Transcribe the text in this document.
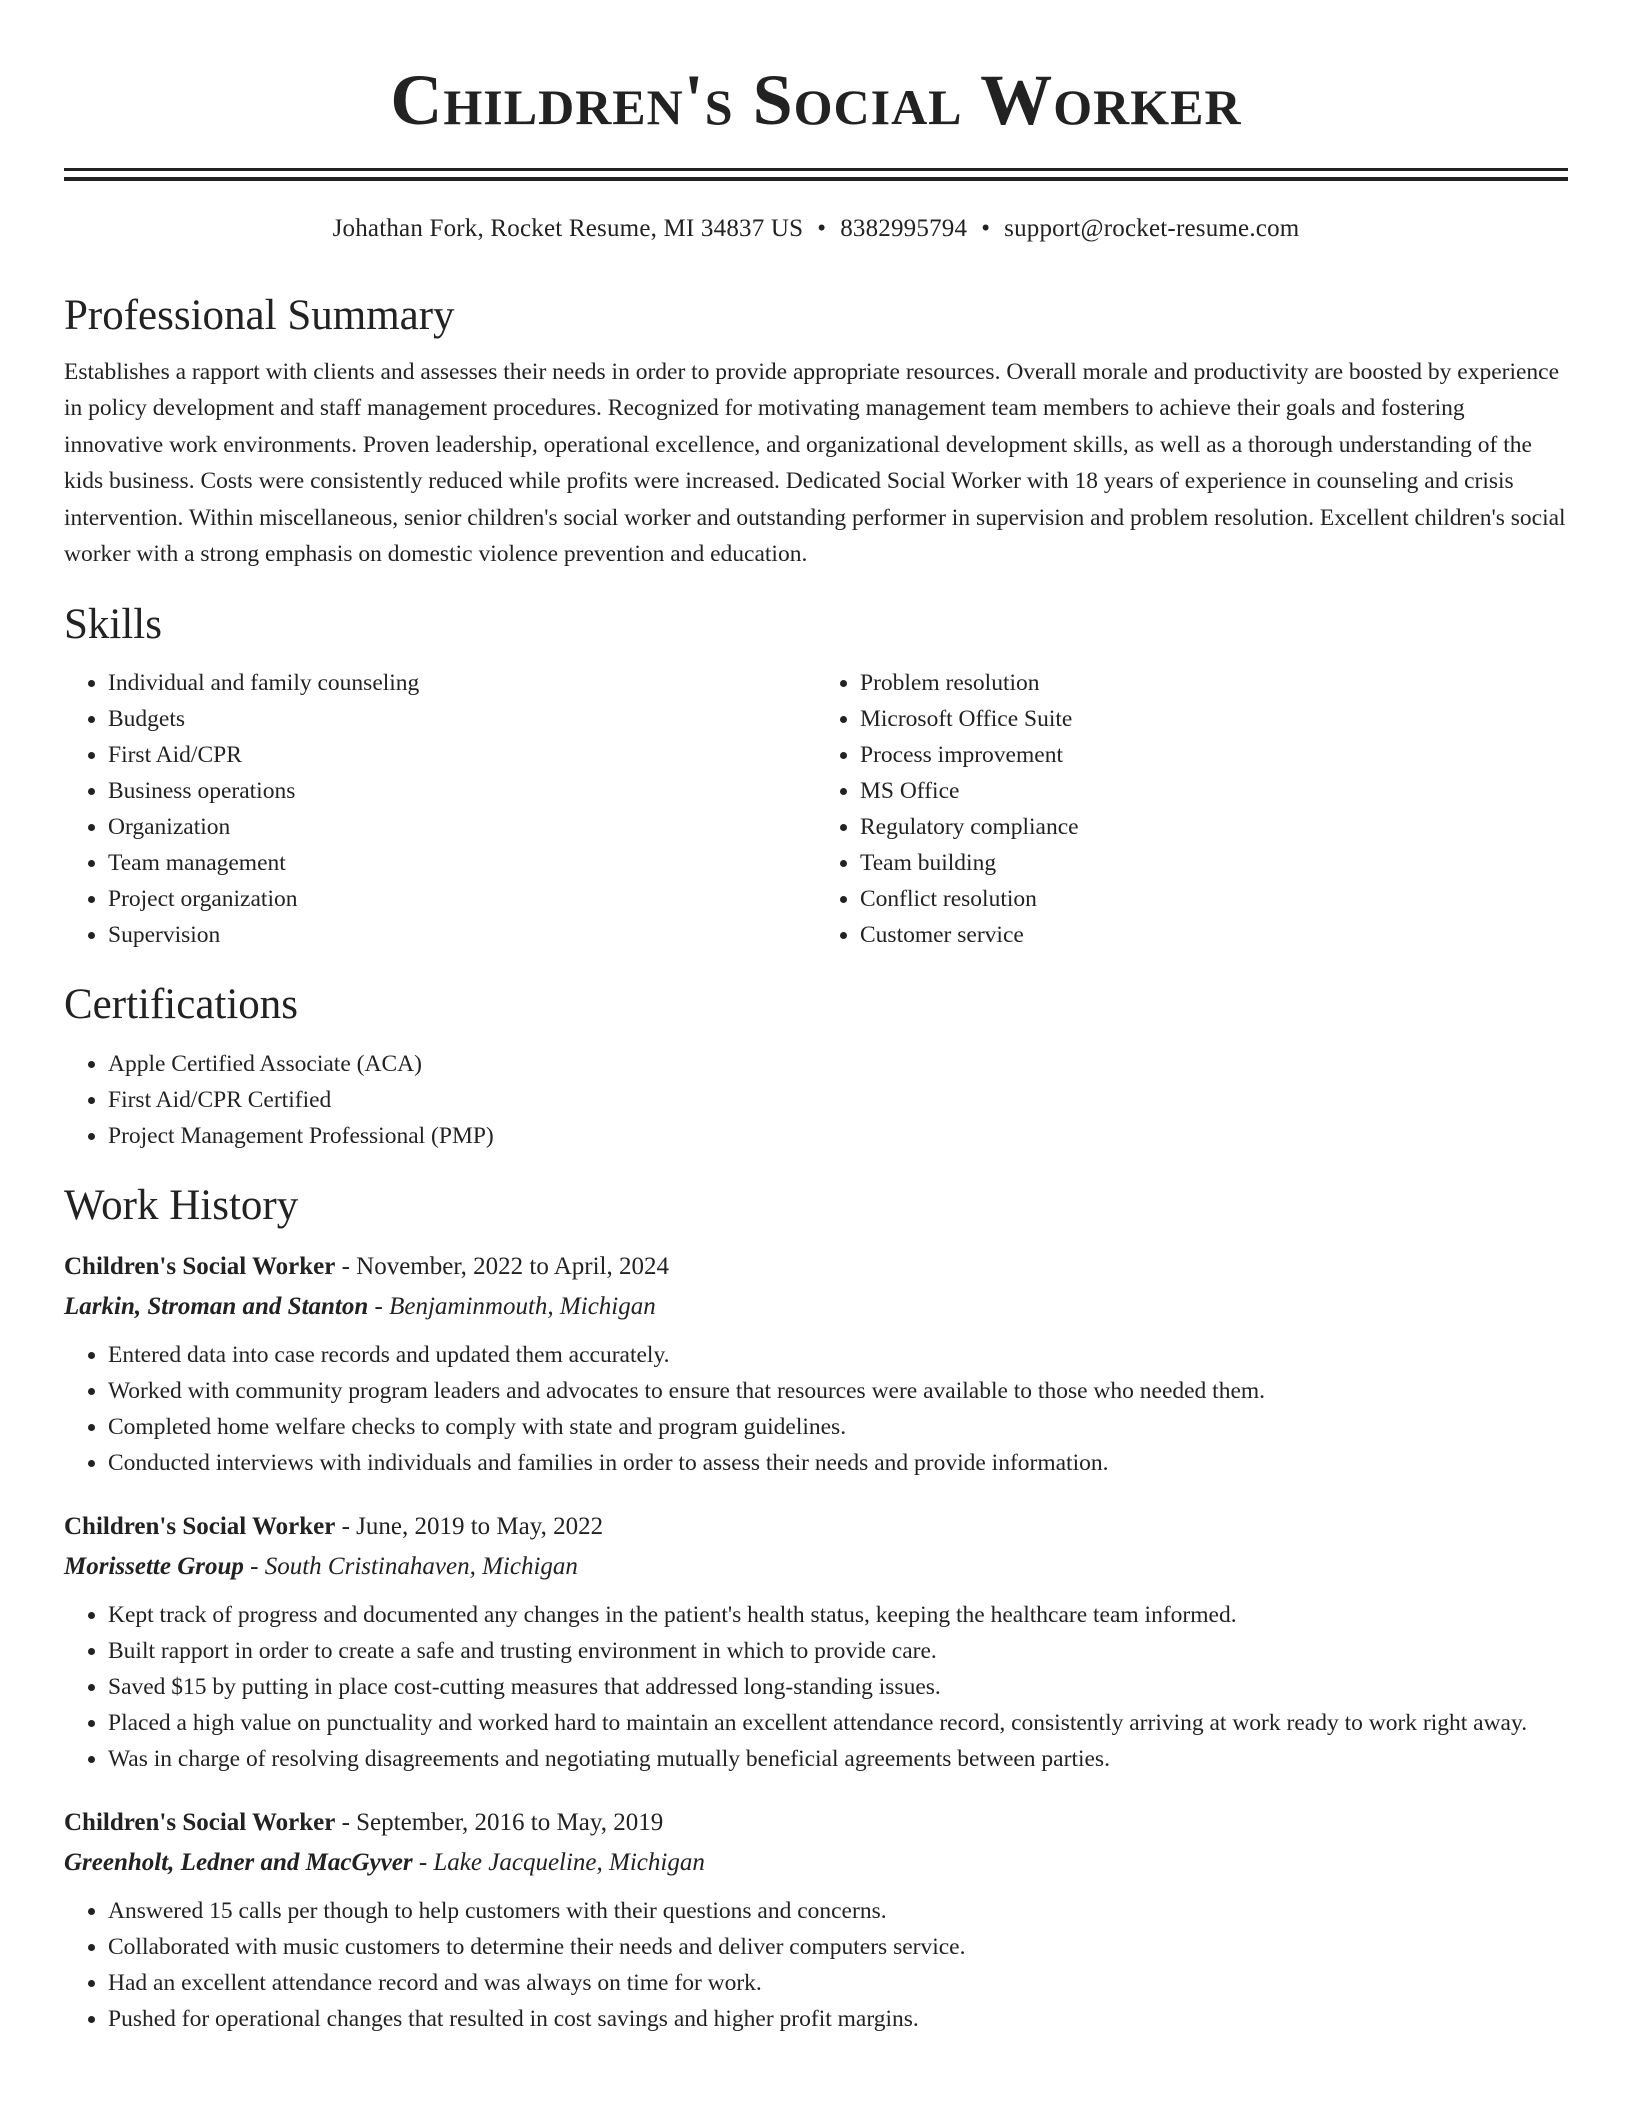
Children's Social Worker
Johathan Fork, Rocket Resume, MI 34837 US • 8382995794 • support@rocket-resume.com
Professional Summary

Establishes a rapport with clients and assesses their needs in order to provide appropriate resources. Overall morale and productivity are boosted by experience in policy development and staff management procedures. Recognized for motivating management team members to achieve their goals and fostering innovative work environments. Proven leadership, operational excellence, and organizational development skills, as well as a thorough understanding of the kids business. Costs were consistently reduced while profits were increased. Dedicated Social Worker with 18 years of experience in counseling and crisis intervention. Within miscellaneous, senior children's social worker and outstanding performer in supervision and problem resolution. Excellent children's social worker with a strong emphasis on domestic violence prevention and education.

Skills
• Individual and family counseling
• Budgets
• First Aid/CPR
• Business operations
• Organization
• Team management
• Project organization
• Supervision
• Problem resolution
• Microsoft Office Suite
• Process improvement
• MS Office
• Regulatory compliance
• Team building
• Conflict resolution
• Customer service
Certifications
• Apple Certified Associate (ACA)
• First Aid/CPR Certified
• Project Management Professional (PMP)
Work History
Children's Social Worker - November, 2022 to April, 2024
Larkin, Stroman and Stanton - Benjaminmouth, Michigan
• Entered data into case records and updated them accurately.
• Worked with community program leaders and advocates to ensure that resources were available to those who needed them.
• Completed home welfare checks to comply with state and program guidelines.
• Conducted interviews with individuals and families in order to assess their needs and provide information.
Children's Social Worker - June, 2019 to May, 2022
Morissette Group - South Cristinahaven, Michigan
• Kept track of progress and documented any changes in the patient's health status, keeping the healthcare team informed.
• Built rapport in order to create a safe and trusting environment in which to provide care.
• Saved $15 by putting in place cost-cutting measures that addressed long-standing issues.
• Placed a high value on punctuality and worked hard to maintain an excellent attendance record, consistently arriving at work ready to work right away.
• Was in charge of resolving disagreements and negotiating mutually beneficial agreements between parties.
Children's Social Worker - September, 2016 to May, 2019
Greenholt, Ledner and MacGyver - Lake Jacqueline, Michigan
• Answered 15 calls per though to help customers with their questions and concerns.
• Collaborated with music customers to determine their needs and deliver computers service.
• Had an excellent attendance record and was always on time for work.
• Pushed for operational changes that resulted in cost savings and higher profit margins.
